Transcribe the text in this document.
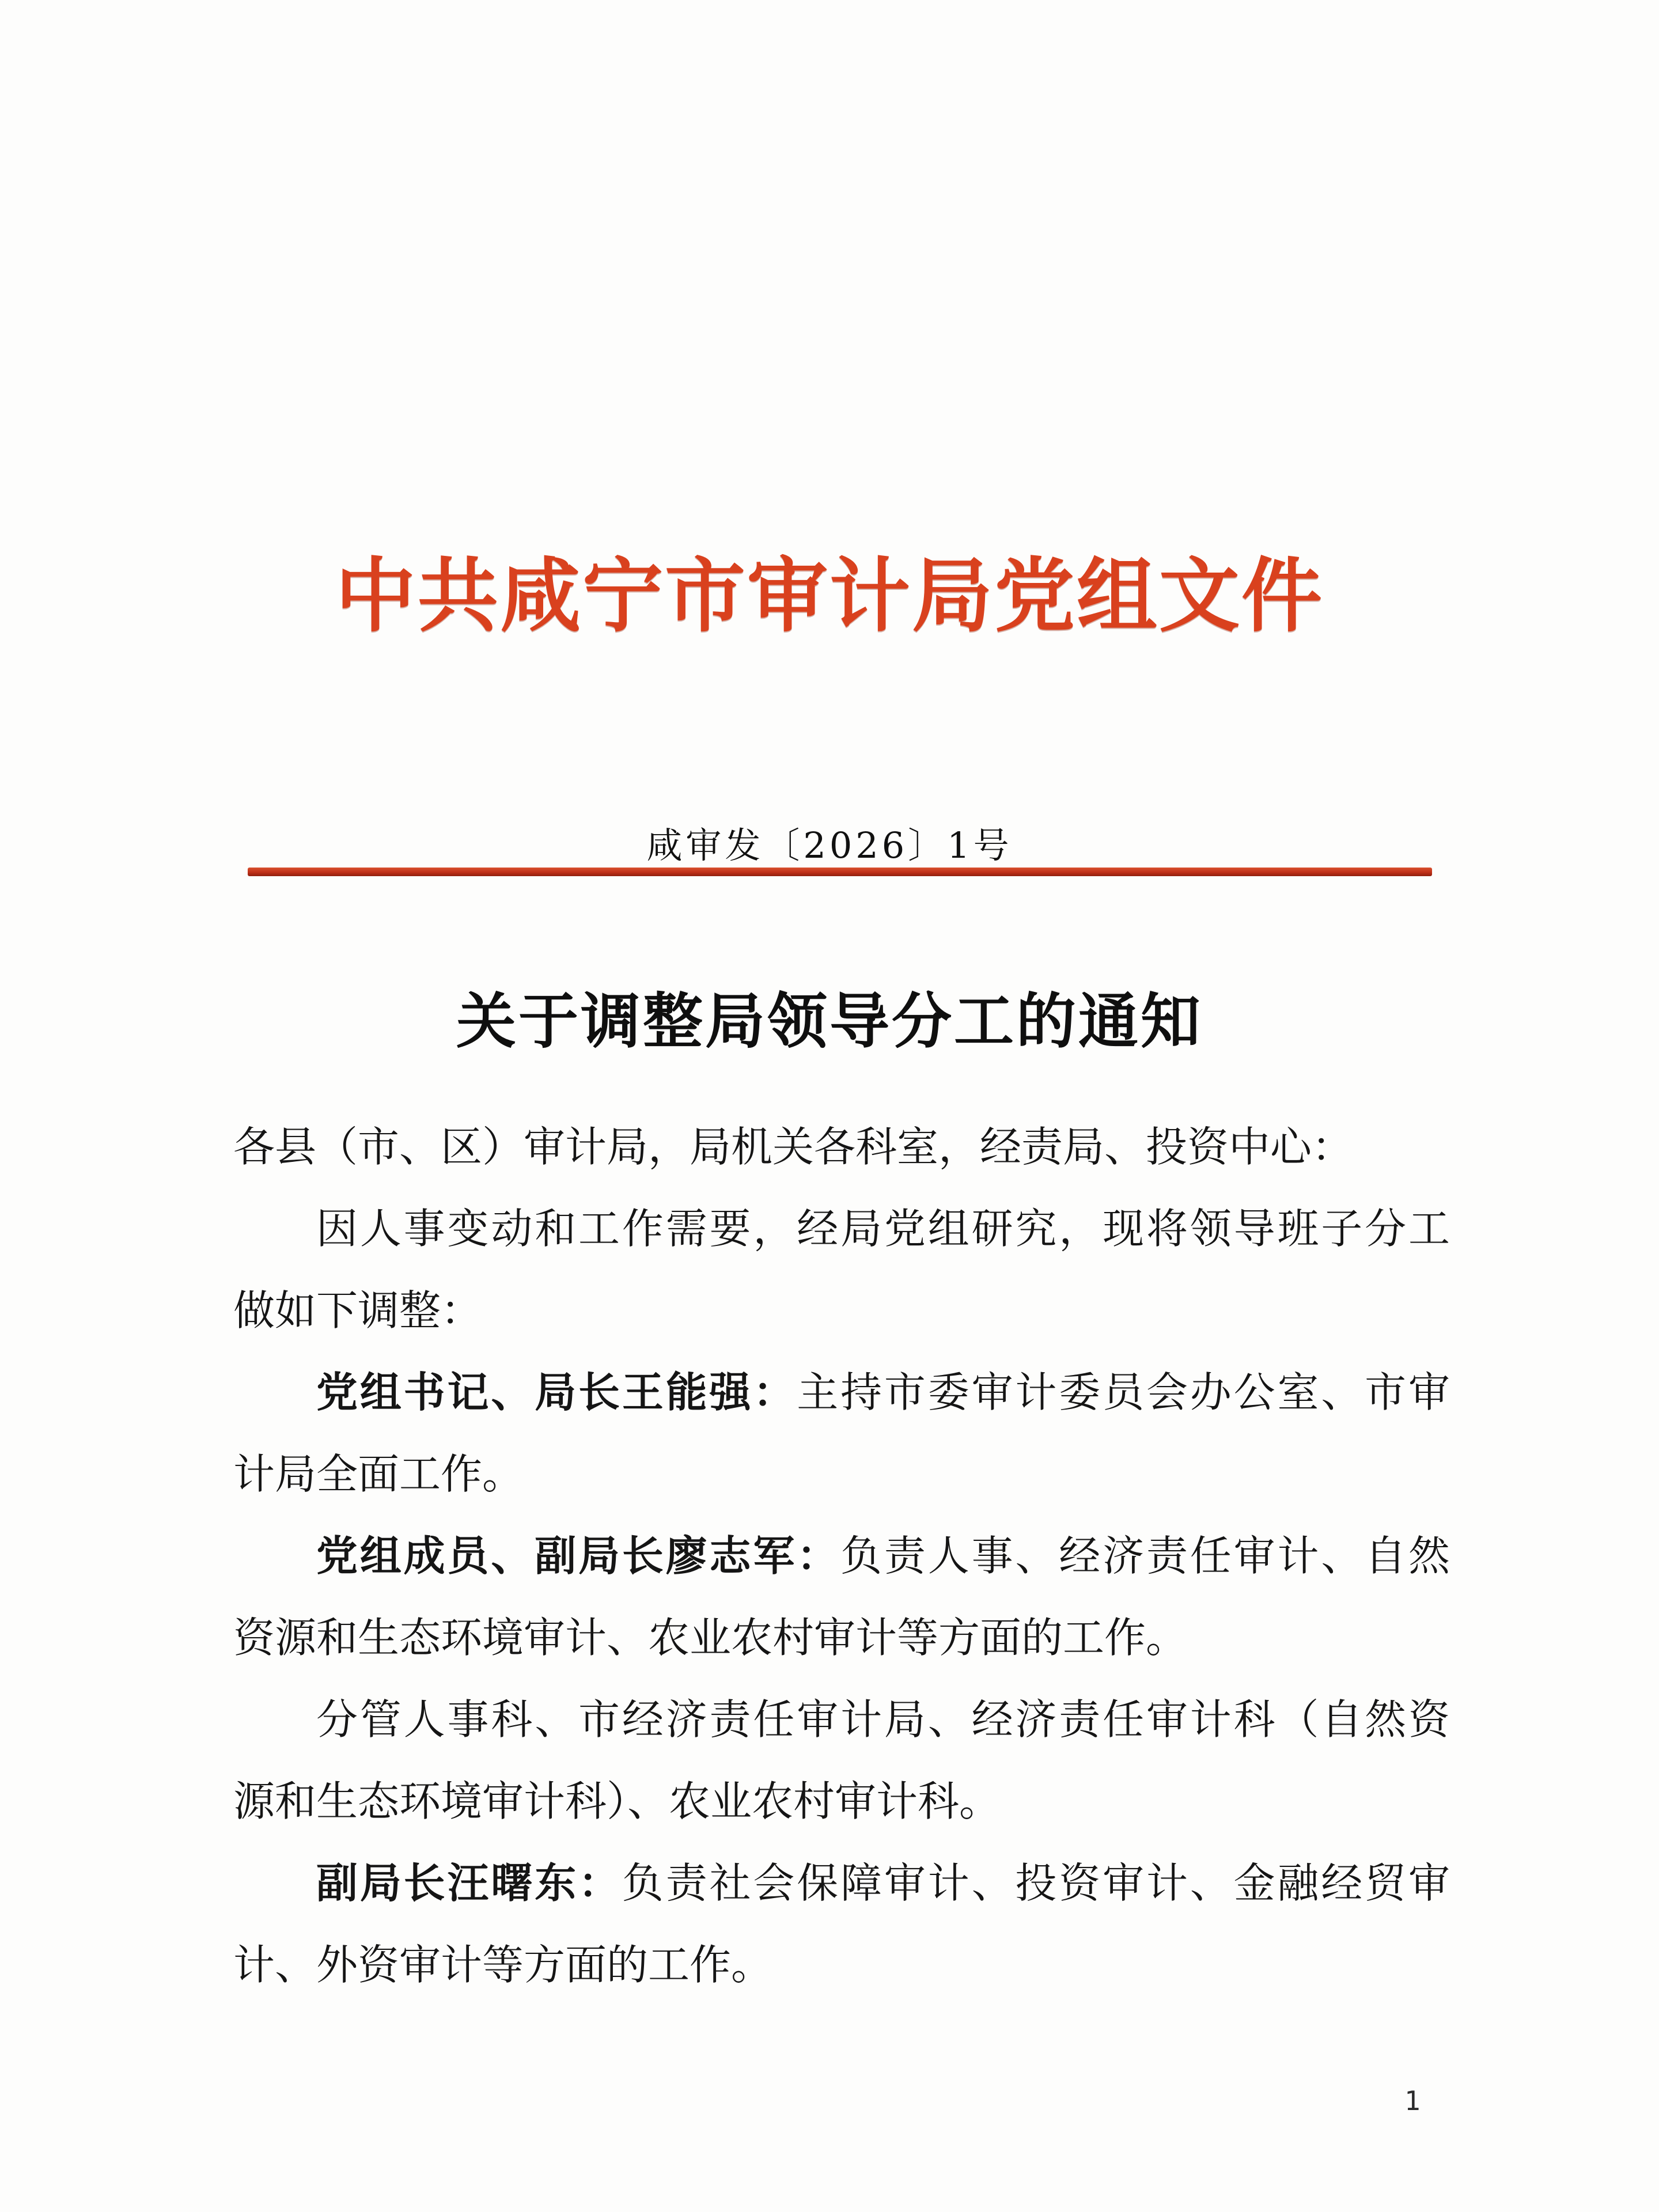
中共咸宁市审计局党组文件
咸审发〔2026〕1号
关于调整局领导分工的通知
各县（市、区）审计局，局机关各科室，经责局、投资中心：
因人事变动和工作需要，经局党组研究，现将领导班子分工
做如下调整：
党组书记、局长王能强：主持市委审计委员会办公室、市审
计局全面工作。
党组成员、副局长廖志军：负责人事、经济责任审计、自然
资源和生态环境审计、农业农村审计等方面的工作。
分管人事科、市经济责任审计局、经济责任审计科（自然资
源和生态环境审计科）、农业农村审计科。
副局长汪曙东：负责社会保障审计、投资审计、金融经贸审
计、外资审计等方面的工作。
1
